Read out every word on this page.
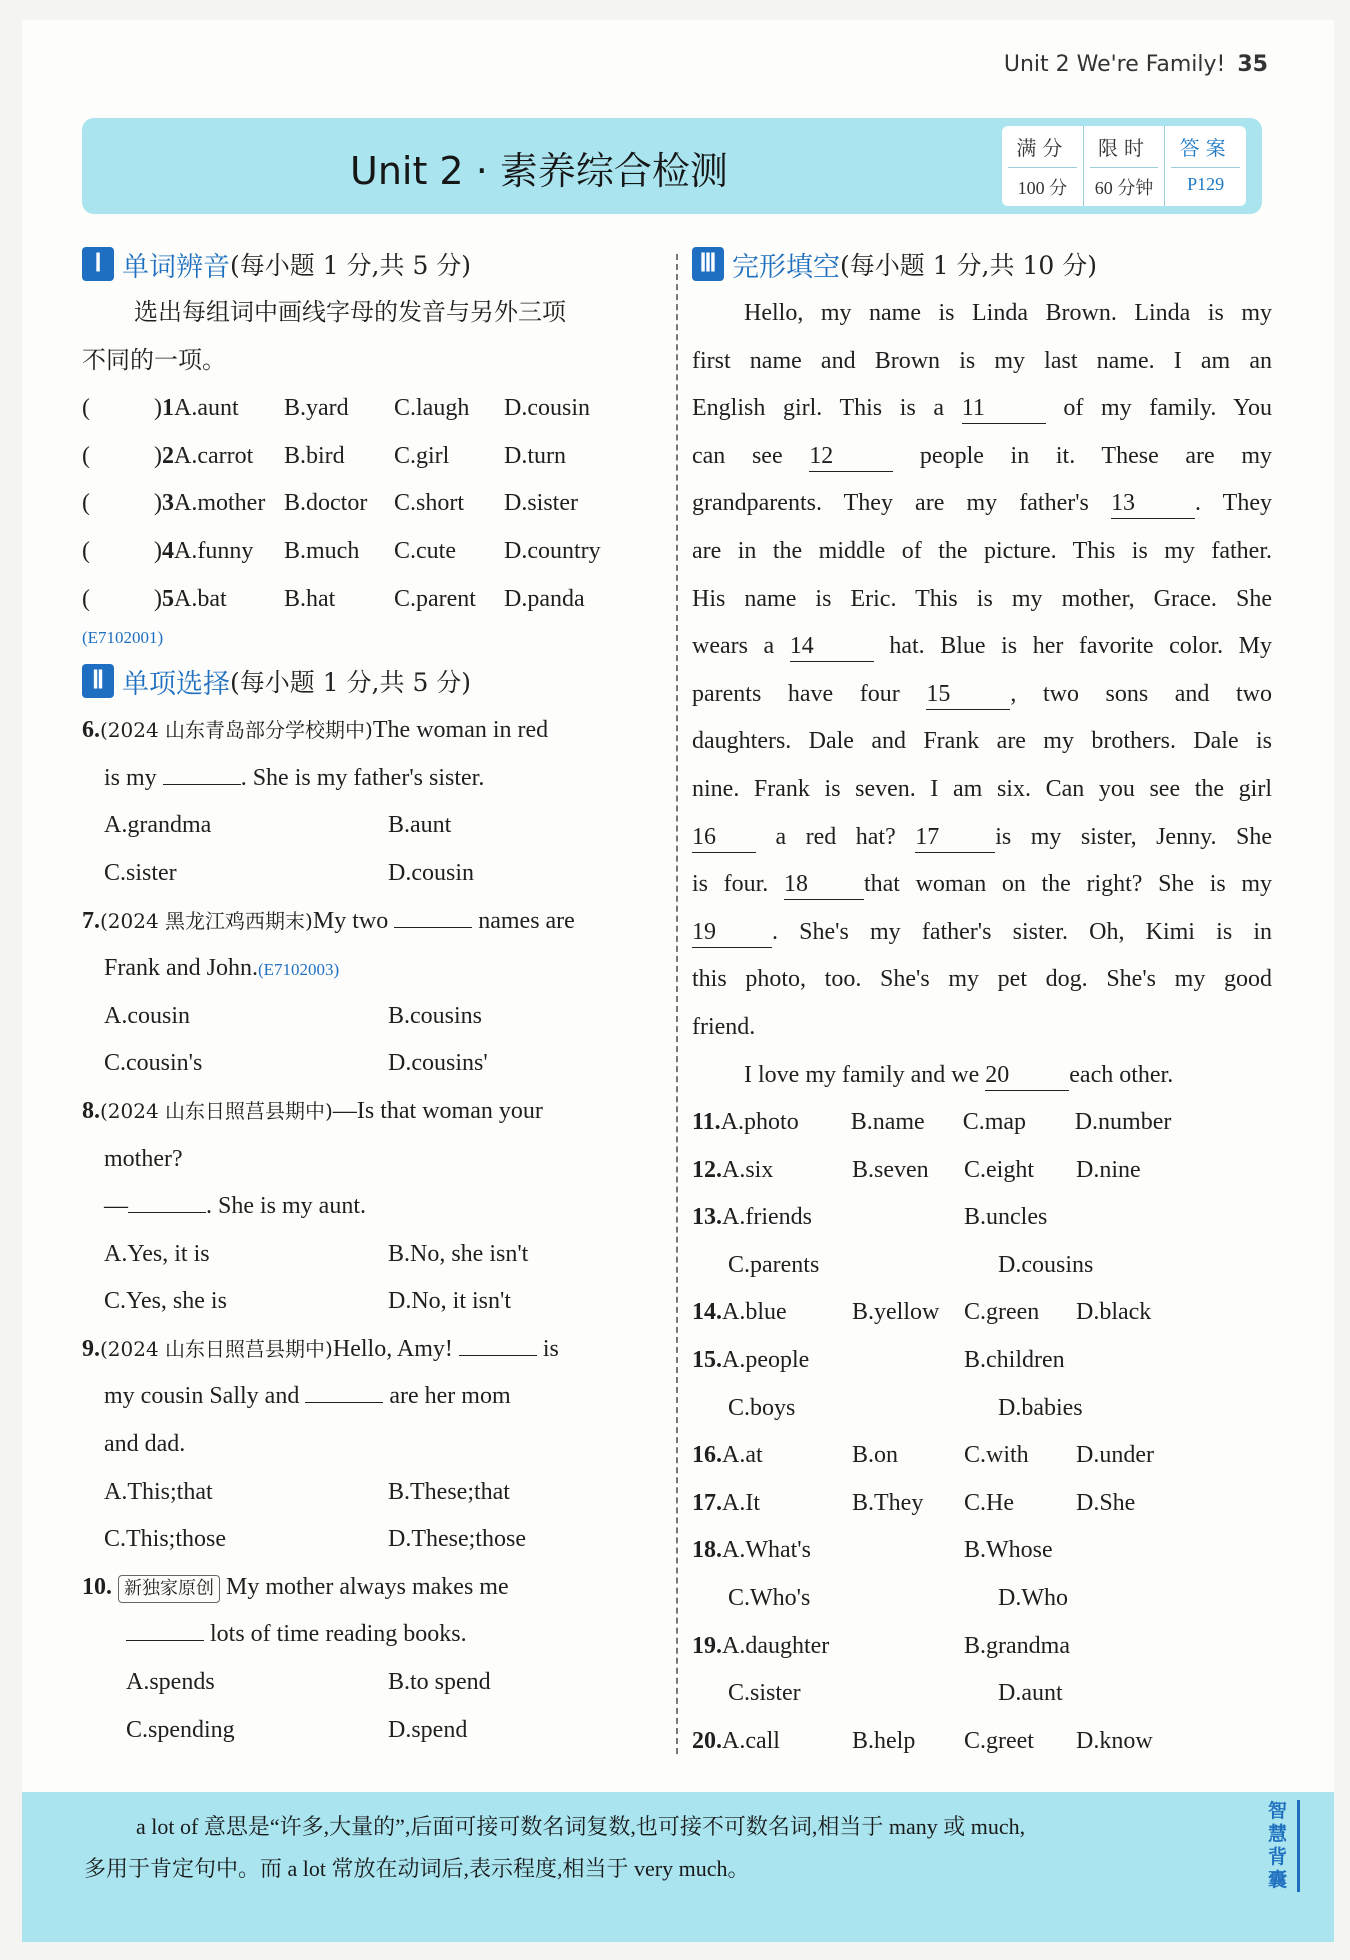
Unit 2 We're Family! 35
Unit 2 · 素养综合检测
满分
100 分
限时
60 分钟
答案
P129
Ⅰ 单词辨音 (每小题 1 分,共 5 分)
选出每组词中画线字母的发音与另外三项
不同的一项。
(	)1A.aunt B.yard C.laugh D.cousin
(	)2A.carrot B.bird C.girl D.turn
(	)3A.mother B.doctor C.short D.sister
(	)4A.funny B.much C.cute D.country
(	)5A.bat B.hat C.parent D.panda
(E7102001)
Ⅱ 单项选择 (每小题 1 分,共 5 分)
6.(2024 山东青岛部分学校期中)The woman in red
is my	. She is my father's sister.
A.grandma	B.aunt
C.sister	D.cousin
7.(2024 黑龙江鸡西期末)My two	names are
Frank and John.(E7102003)
A.cousin	B.cousins
C.cousin's	D.cousins'
8.(2024 山东日照莒县期中)—Is that woman your
mother?
—	. She is my aunt.
A.Yes, it is	B.No, she isn't
C.Yes, she is	D.No, it isn't
9.(2024 山东日照莒县期中)Hello, Amy!	is
my cousin Sally and	are her mom
and dad.
A.This;that	B.These;that
C.This;those	D.These;those
10. 新独家原创 My mother always makes me
lots of time reading books.
A.spends	B.to spend
C.spending	D.spend
Ⅲ 完形填空 (每小题 1 分,共 10 分)
Hello, my name is Linda Brown. Linda is my
first name and Brown is my last name. I am an
English girl. This is a 11	of my family. You
can see 12	people in it. These are my
grandparents. They are my father's 13	. They
are in the middle of the picture. This is my father.
His name is Eric. This is my mother, Grace. She
wears a 14	hat. Blue is her favorite color. My
parents have four 15	, two sons and two
daughters. Dale and Frank are my brothers. Dale is
nine. Frank is seven. I am six. Can you see the girl
16 a red hat? 17 is my sister, Jenny. She
is four. 18 that woman on the right? She is my
19 . She's my father's sister. Oh, Kimi is in
this photo, too. She's my pet dog. She's my good
friend.
I love my family and we 20	each other.
11.A.photo B.name C.map D.number
12.A.six	B.seven C.eight D.nine
13.A.friends	B.uncles
C.parents	D.cousins
14.A.blue	B.yellow C.green D.black
15.A.people	B.children
C.boys	D.babies
16.A.at	B.on	C.with D.under
17.A.It	B.They C.He	D.She
18.A.What's	B.Whose
C.Who's	D.Who
19.A.daughter	B.grandma
C.sister	D.aunt
20.A.call	B.help C.greet D.know
a lot of 意思是“许多,大量的”,后面可接可数名词复数,也可接不可数名词,相当于 many 或 much,
多用于肯定句中。而 a lot 常放在动词后,表示程度,相当于 very much。
智慧背囊
